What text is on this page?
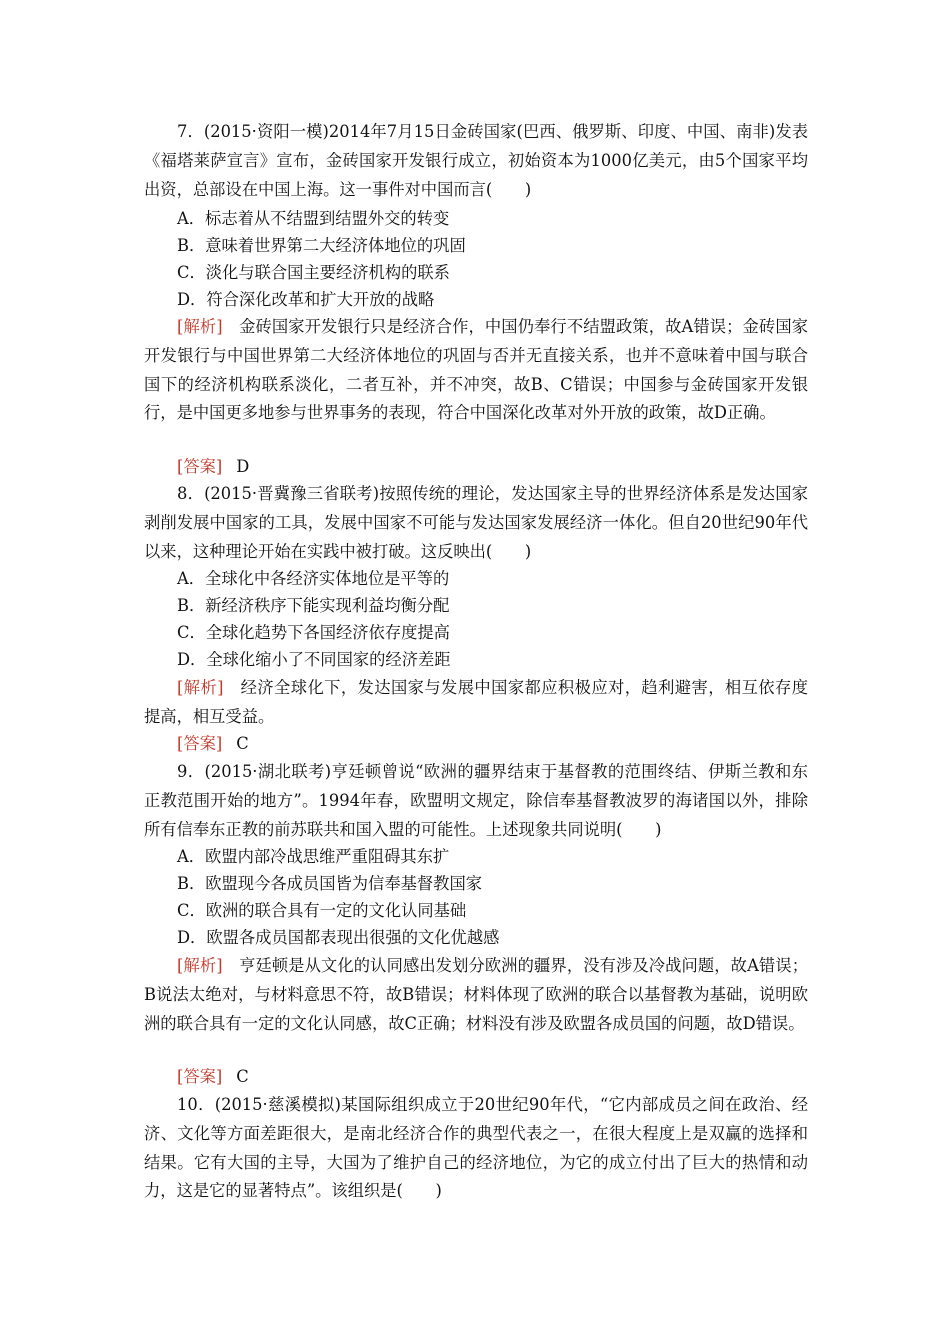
7．(2015·资阳一模)2014年7月15日金砖国家(巴西、俄罗斯、印度、中国、南非)发表《福塔莱萨宣言》宣布，金砖国家开发银行成立，初始资本为1000亿美元，由5个国家平均出资，总部设在中国上海。这一事件对中国而言(　　)

A．标志着从不结盟到结盟外交的转变

B．意味着世界第二大经济体地位的巩固

C．淡化与联合国主要经济机构的联系

D．符合深化改革和扩大开放的战略

[解析]　 金砖国家开发银行只是经济合作，中国仍奉行不结盟政策，故A错误；金砖国家开发银行与中国世界第二大经济体地位的巩固与否并无直接关系，也并不意味着中国与联合国下的经济机构联系淡化，二者互补，并不冲突，故B、C错误；中国参与金砖国家开发银行，是中国更多地参与世界事务的表现，符合中国深化改革对外开放的政策，故D正确。

[答案] D

8．(2015·晋冀豫三省联考)按照传统的理论，发达国家主导的世界经济体系是发达国家剥削发展中国家的工具，发展中国家不可能与发达国家发展经济一体化。但自20世纪90年代以来，这种理论开始在实践中被打破。这反映出(　　)

A．全球化中各经济实体地位是平等的

B．新经济秩序下能实现利益均衡分配

C．全球化趋势下各国经济依存度提高

D．全球化缩小了不同国家的经济差距

[解析]　 经济全球化下，发达国家与发展中国家都应积极应对，趋利避害，相互依存度提高，相互受益。

[答案] C

9．(2015·湖北联考)亨廷顿曾说“欧洲的疆界结束于基督教的范围终结、伊斯兰教和东正教范围开始的地方”。1994年春，欧盟明文规定，除信奉基督教波罗的海诸国以外，排除所有信奉东正教的前苏联共和国入盟的可能性。上述现象共同说明(　　)

A．欧盟内部冷战思维严重阻碍其东扩

B．欧盟现今各成员国皆为信奉基督教国家

C．欧洲的联合具有一定的文化认同基础

D．欧盟各成员国都表现出很强的文化优越感

[解析]　 亨廷顿是从文化的认同感出发划分欧洲的疆界，没有涉及冷战问题，故A错误；B说法太绝对，与材料意思不符，故B错误；材料体现了欧洲的联合以基督教为基础，说明欧洲的联合具有一定的文化认同感，故C正确；材料没有涉及欧盟各成员国的问题，故D错误。

[答案] C

10．(2015·慈溪模拟)某国际组织成立于20世纪90年代，“它内部成员之间在政治、经济、文化等方面差距很大，是南北经济合作的典型代表之一，在很大程度上是双赢的选择和结果。它有大国的主导，大国为了维护自己的经济地位，为它的成立付出了巨大的热情和动力，这是它的显著特点”。该组织是(　　)
